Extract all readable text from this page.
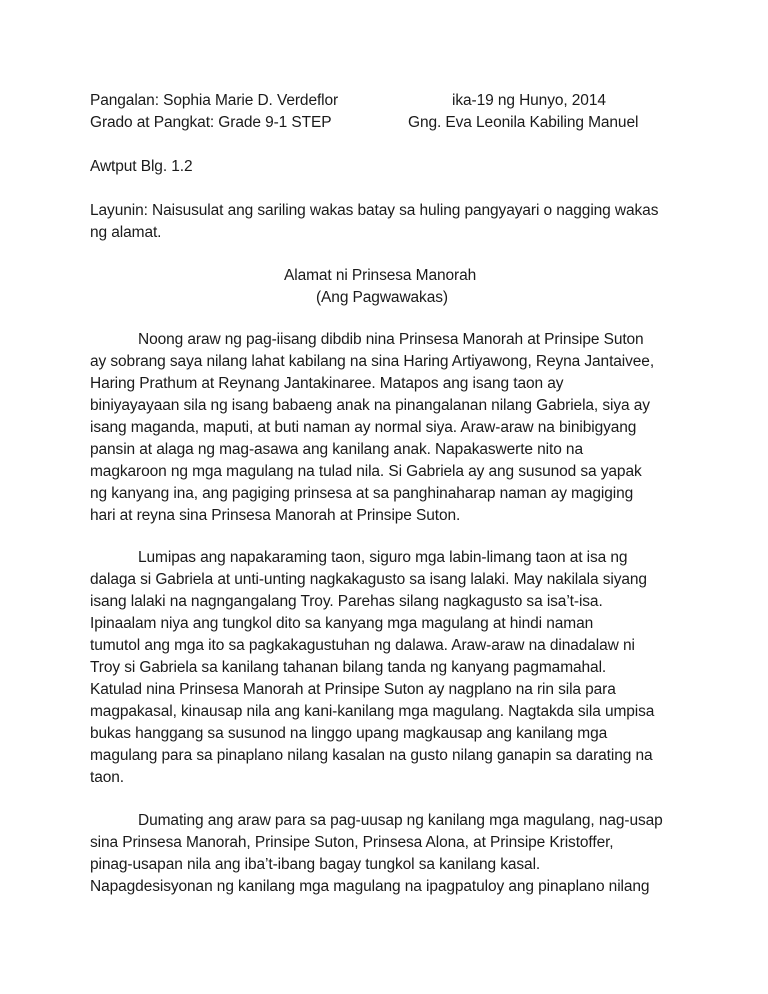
Pangalan: Sophia Marie D. Verdeflor	ika-19 ng Hunyo, 2014
Grado at Pangkat: Grade 9-1 STEP	Gng. Eva Leonila Kabiling Manuel
Awtput Blg. 1.2
Layunin: Naisusulat ang sariling wakas batay sa huling pangyayari o nagging wakas
ng alamat.
Alamat ni Prinsesa Manorah
(Ang Pagwawakas)
Noong araw ng pag-iisang dibdib nina Prinsesa Manorah at Prinsipe Suton
ay sobrang saya nilang lahat kabilang na sina Haring Artiyawong, Reyna Jantaivee,
Haring Prathum at Reynang Jantakinaree. Matapos ang isang taon ay
biniyayayaan sila ng isang babaeng anak na pinangalanan nilang Gabriela, siya ay
isang maganda, maputi, at buti naman ay normal siya. Araw-araw na binibigyang
pansin at alaga ng mag-asawa ang kanilang anak. Napakaswerte nito na
magkaroon ng mga magulang na tulad nila. Si Gabriela ay ang susunod sa yapak
ng kanyang ina, ang pagiging prinsesa at sa panghinaharap naman ay magiging
hari at reyna sina Prinsesa Manorah at Prinsipe Suton.
Lumipas ang napakaraming taon, siguro mga labin-limang taon at isa ng
dalaga si Gabriela at unti-unting nagkakagusto sa isang lalaki. May nakilala siyang
isang lalaki na nagngangalang Troy. Parehas silang nagkagusto sa isa’t-isa.
Ipinaalam niya ang tungkol dito sa kanyang mga magulang at hindi naman
tumutol ang mga ito sa pagkakagustuhan ng dalawa. Araw-araw na dinadalaw ni
Troy si Gabriela sa kanilang tahanan bilang tanda ng kanyang pagmamahal.
Katulad nina Prinsesa Manorah at Prinsipe Suton ay nagplano na rin sila para
magpakasal, kinausap nila ang kani-kanilang mga magulang. Nagtakda sila umpisa
bukas hanggang sa susunod na linggo upang magkausap ang kanilang mga
magulang para sa pinaplano nilang kasalan na gusto nilang ganapin sa darating na
taon.
Dumating ang araw para sa pag-uusap ng kanilang mga magulang, nag-usap
sina Prinsesa Manorah, Prinsipe Suton, Prinsesa Alona, at Prinsipe Kristoffer,
pinag-usapan nila ang iba’t-ibang bagay tungkol sa kanilang kasal.
Napagdesisyonan ng kanilang mga magulang na ipagpatuloy ang pinaplano nilang
